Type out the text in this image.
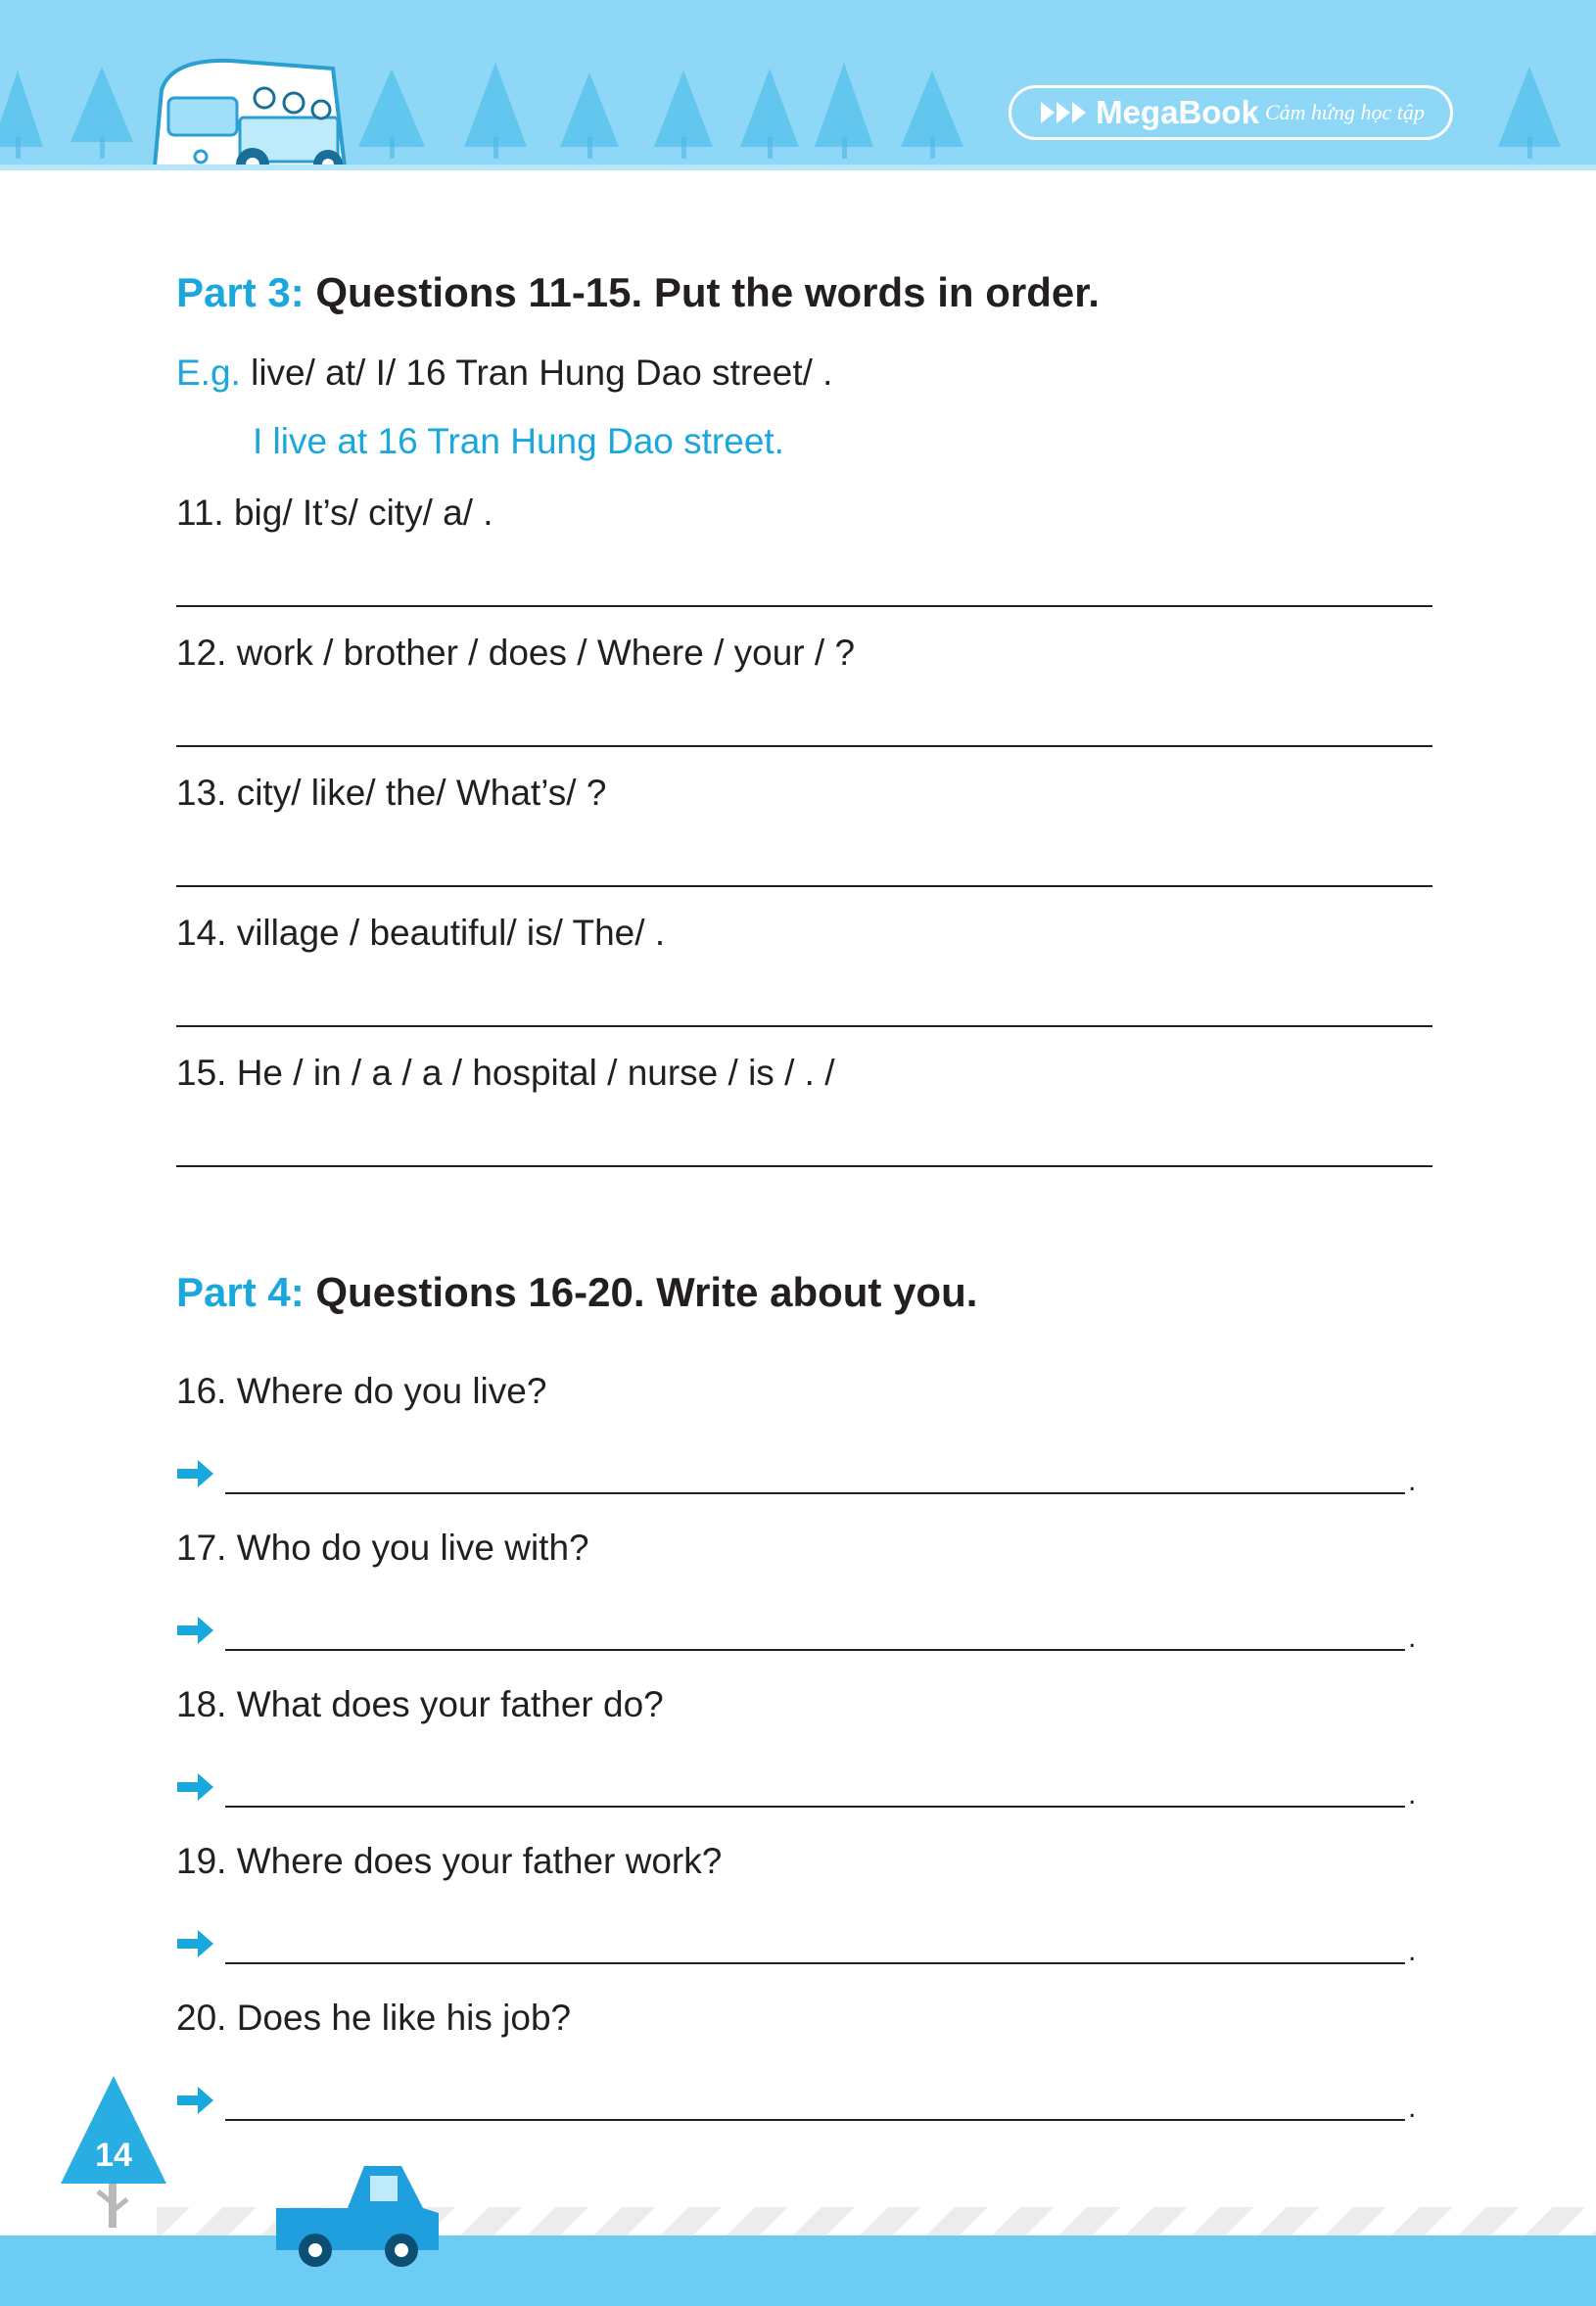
MegaBook Cảm hứng học tập
Part 3: Questions 11-15. Put the words in order.
E.g. live/ at/ I/ 16 Tran Hung Dao street/ .
I live at 16 Tran Hung Dao street.
11. big/ It’s/ city/ a/ .
12. work / brother / does / Where / your / ?
13. city/ like/ the/ What’s/ ?
14. village / beautiful/ is/ The/ .
15. He / in / a / a / hospital / nurse / is / . /
Part 4: Questions 16-20. Write about you.
16. Where do you live?
.
17. Who do you live with?
.
18. What does your father do?
.
19. Where does your father work?
.
20. Does he like his job?
.
14
